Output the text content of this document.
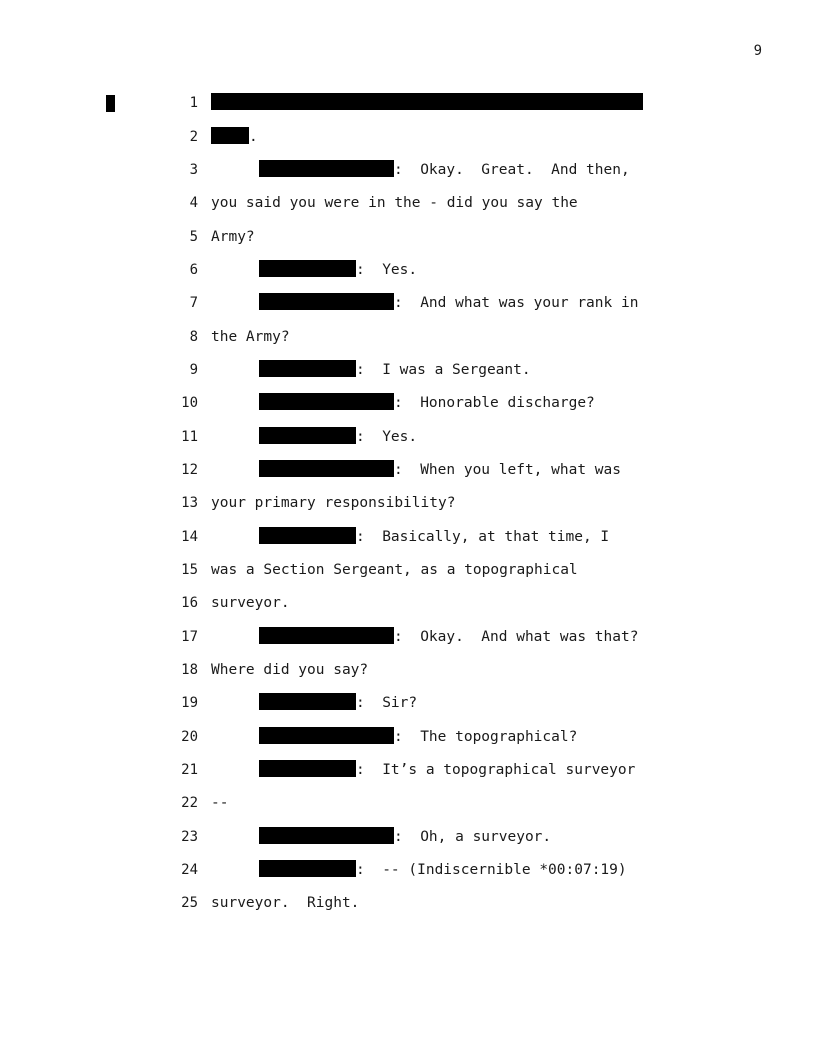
9
1
2	.
3	:  Okay.  Great.  And then,
4 you said you were in the - did you say the
5 Army?
6	:  Yes.
7	:  And what was your rank in
8 the Army?
9	:  I was a Sergeant.
10	:  Honorable discharge?
11	:  Yes.
12	:  When you left, what was
13 your primary responsibility?
14	:  Basically, at that time, I
15 was a Section Sergeant, as a topographical
16 surveyor.
17	:  Okay.  And what was that?
18 Where did you say?
19	:  Sir?
20	:  The topographical?
21	:  It’s a topographical surveyor
22 --
23	:  Oh, a surveyor.
24	:  -- (Indiscernible *00:07:19)
25 surveyor.  Right.
